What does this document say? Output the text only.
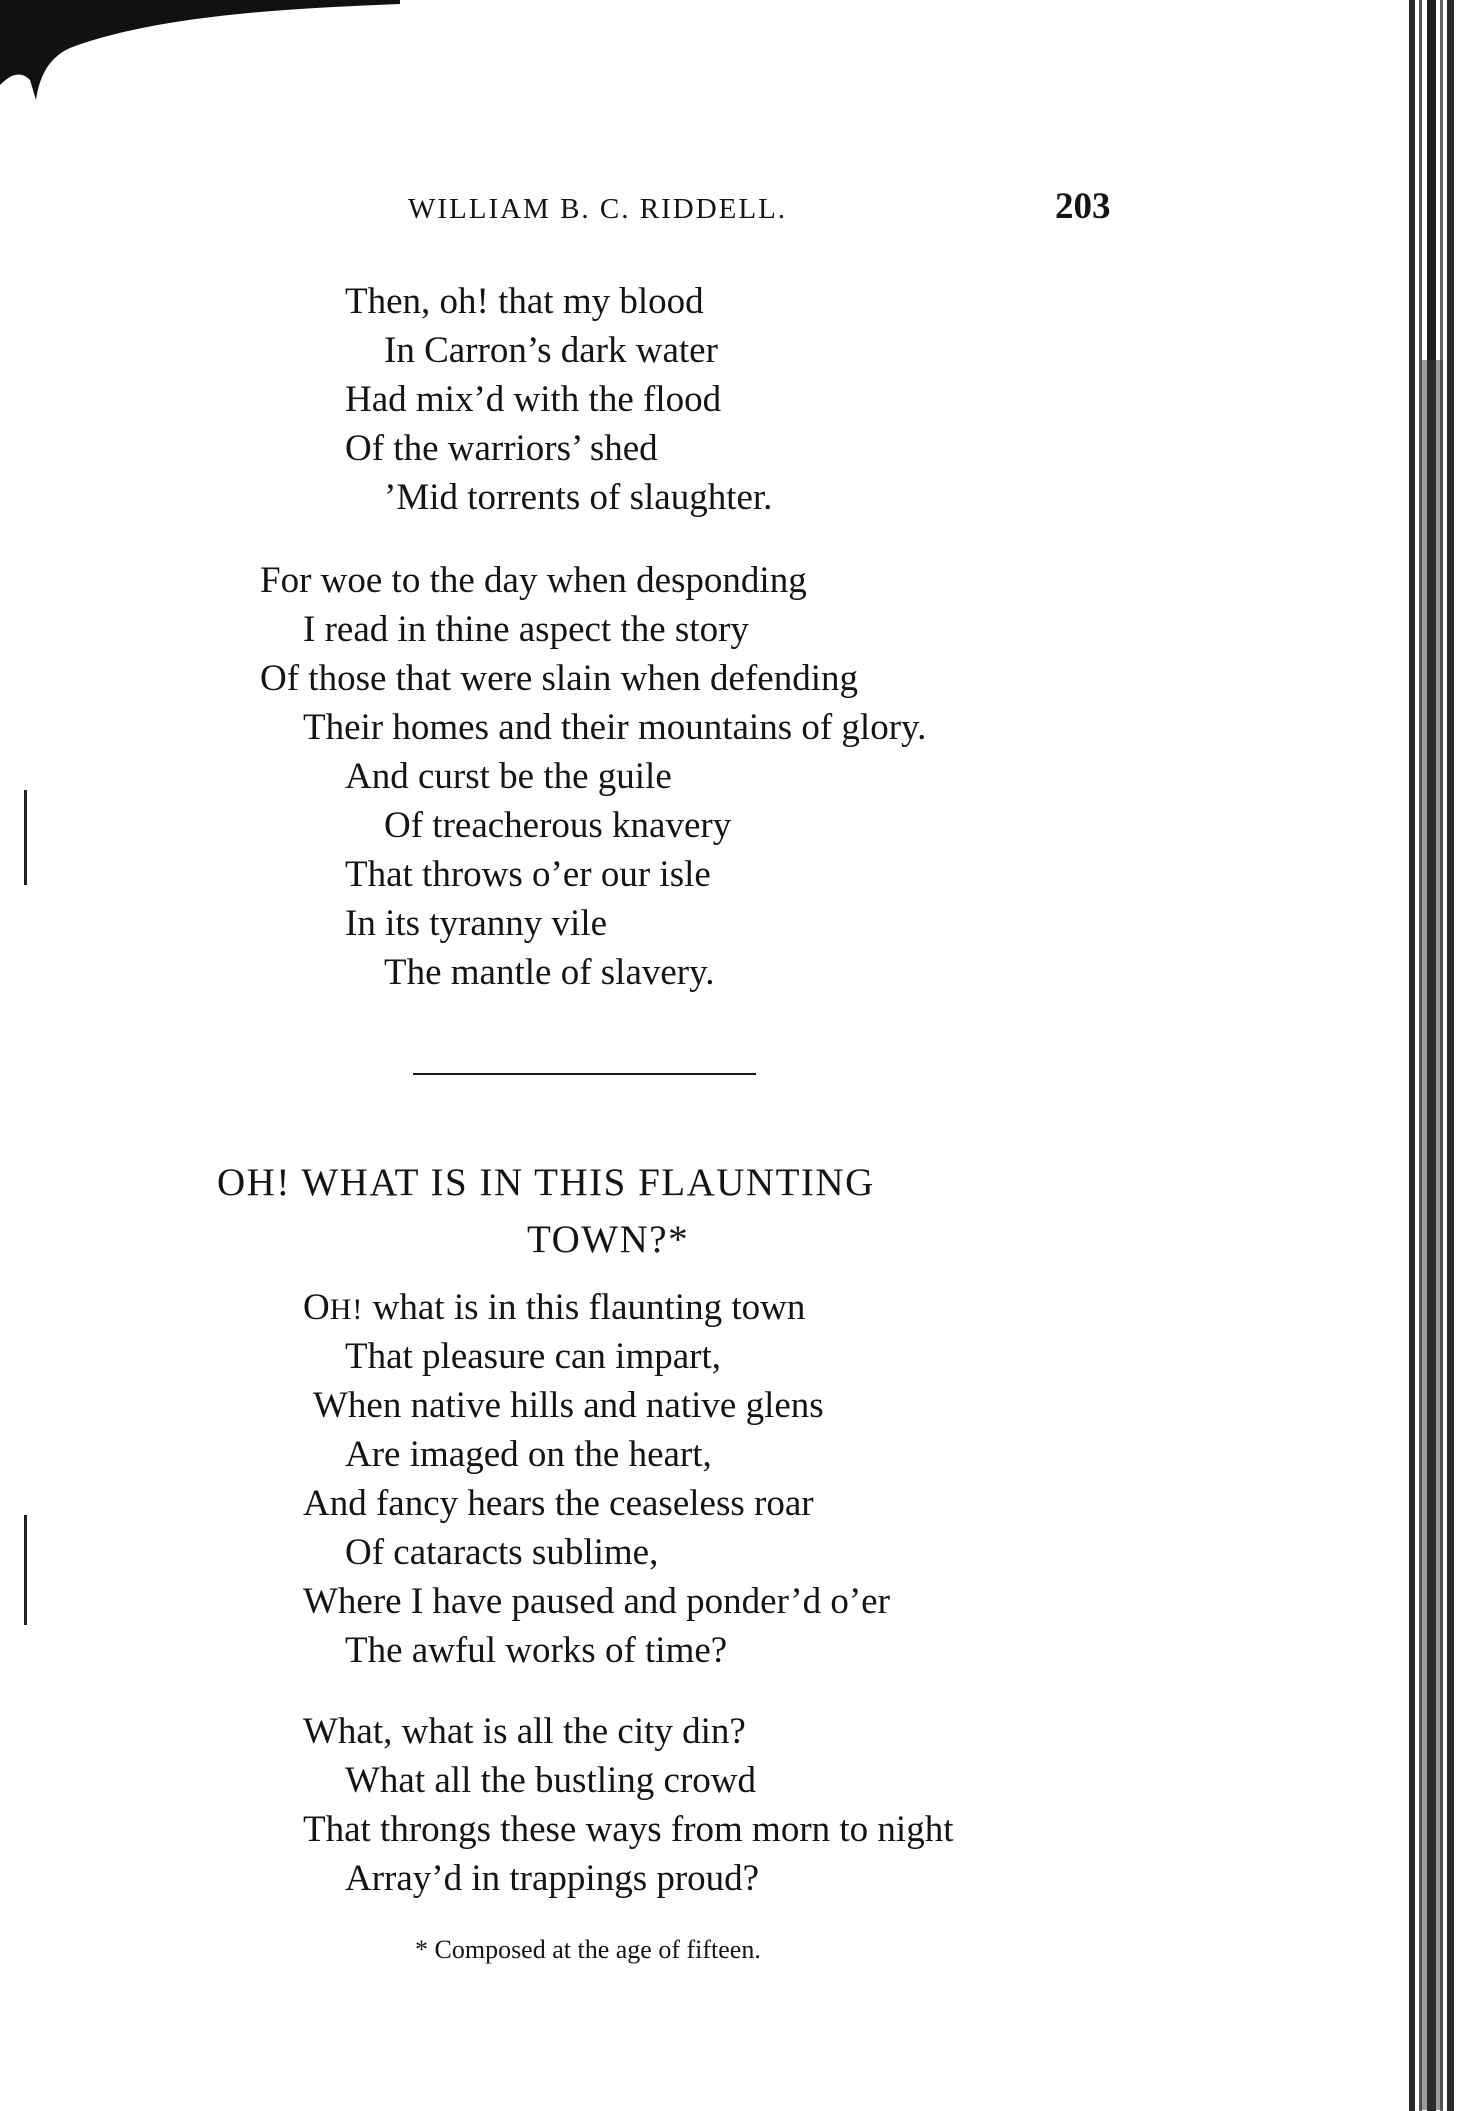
WILLIAM B. C. RIDDELL.	203
Then, oh! that my blood
In Carron’s dark water
Had mix’d with the flood
Of the warriors’ shed
’Mid torrents of slaughter.
For woe to the day when desponding
I read in thine aspect the story
Of those that were slain when defending
Their homes and their mountains of glory.
And curst be the guile
Of treacherous knavery
That throws o’er our isle
In its tyranny vile
The mantle of slavery.
OH! WHAT IS IN THIS FLAUNTING
TOWN?*
OH! what is in this flaunting town
That pleasure can impart,
When native hills and native glens
Are imaged on the heart,
And fancy hears the ceaseless roar
Of cataracts sublime,
Where I have paused and ponder’d o’er
The awful works of time?
What, what is all the city din?
What all the bustling crowd
That throngs these ways from morn to night
Array’d in trappings proud?
* Composed at the age of fifteen.
